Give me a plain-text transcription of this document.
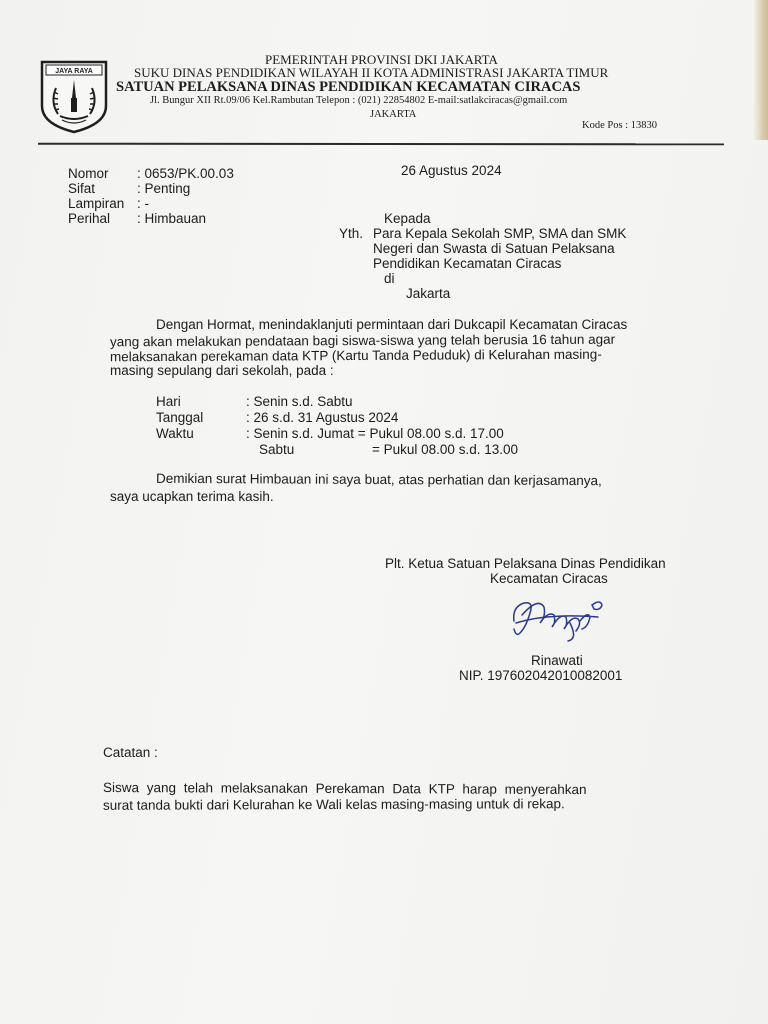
JAYA RAYA
PEMERINTAH PROVINSI DKI JAKARTA
SUKU DINAS PENDIDIKAN WILAYAH II KOTA ADMINISTRASI JAKARTA TIMUR
SATUAN PELAKSANA DINAS PENDIDIKAN KECAMATAN CIRACAS
Jl. Bungur XII Rt.09/06 Kel.Rambutan Telepon : (021) 22854802 E-mail:satlakciracas@gmail.com
JAKARTA
Kode Pos : 13830
Nomor : 0653/PK.00.03
Sifat	: Penting
Lampiran : -
Perihal : Himbauan
26 Agustus 2024
Kepada
Yth. Para Kepala Sekolah SMP, SMA dan SMK
Negeri dan Swasta di Satuan Pelaksana
Pendidikan Kecamatan Ciracas
di
Jakarta
Dengan Hormat, menindaklanjuti permintaan dari Dukcapil Kecamatan Ciracas
yang akan melakukan pendataan bagi siswa-siswa yang telah berusia 16 tahun agar
melaksanakan perekaman data KTP (Kartu Tanda Peduduk) di Kelurahan masing-
masing sepulang dari sekolah, pada :
Hari	: Senin s.d. Sabtu
Tanggal	: 26 s.d. 31 Agustus 2024
Waktu	: Senin s.d. Jumat = Pukul 08.00 s.d. 17.00
Sabtu	= Pukul 08.00 s.d. 13.00
Demikian surat Himbauan ini saya buat, atas perhatian dan kerjasamanya,
saya ucapkan terima kasih.
Plt. Ketua Satuan Pelaksana Dinas Pendidikan
Kecamatan Ciracas
Rinawati
NIP. 197602042010082001
Catatan :
Siswa yang telah melaksanakan Perekaman Data KTP harap menyerahkan
surat tanda bukti dari Kelurahan ke Wali kelas masing-masing untuk di rekap.
